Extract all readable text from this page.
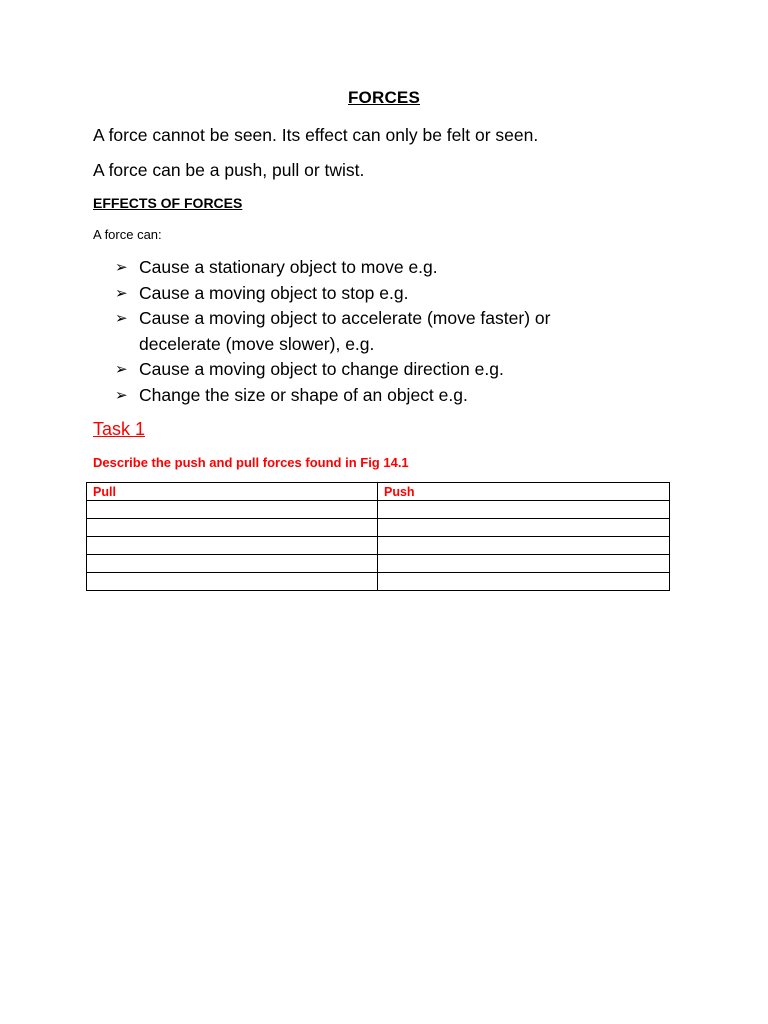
FORCES
A force cannot be seen. Its effect can only be felt or seen.
A force can be a push, pull or twist.
EFFECTS OF FORCES
A force can:
➢ Cause a stationary object to move e.g.
➢ Cause a moving object to stop e.g.
➢ Cause a moving object to accelerate (move faster) or decelerate (move slower), e.g.
➢ Cause a moving object to change direction e.g.
➢ Change the size or shape of an object e.g.
Task 1
Describe the push and pull forces found in Fig 14.1
Pull	Push
